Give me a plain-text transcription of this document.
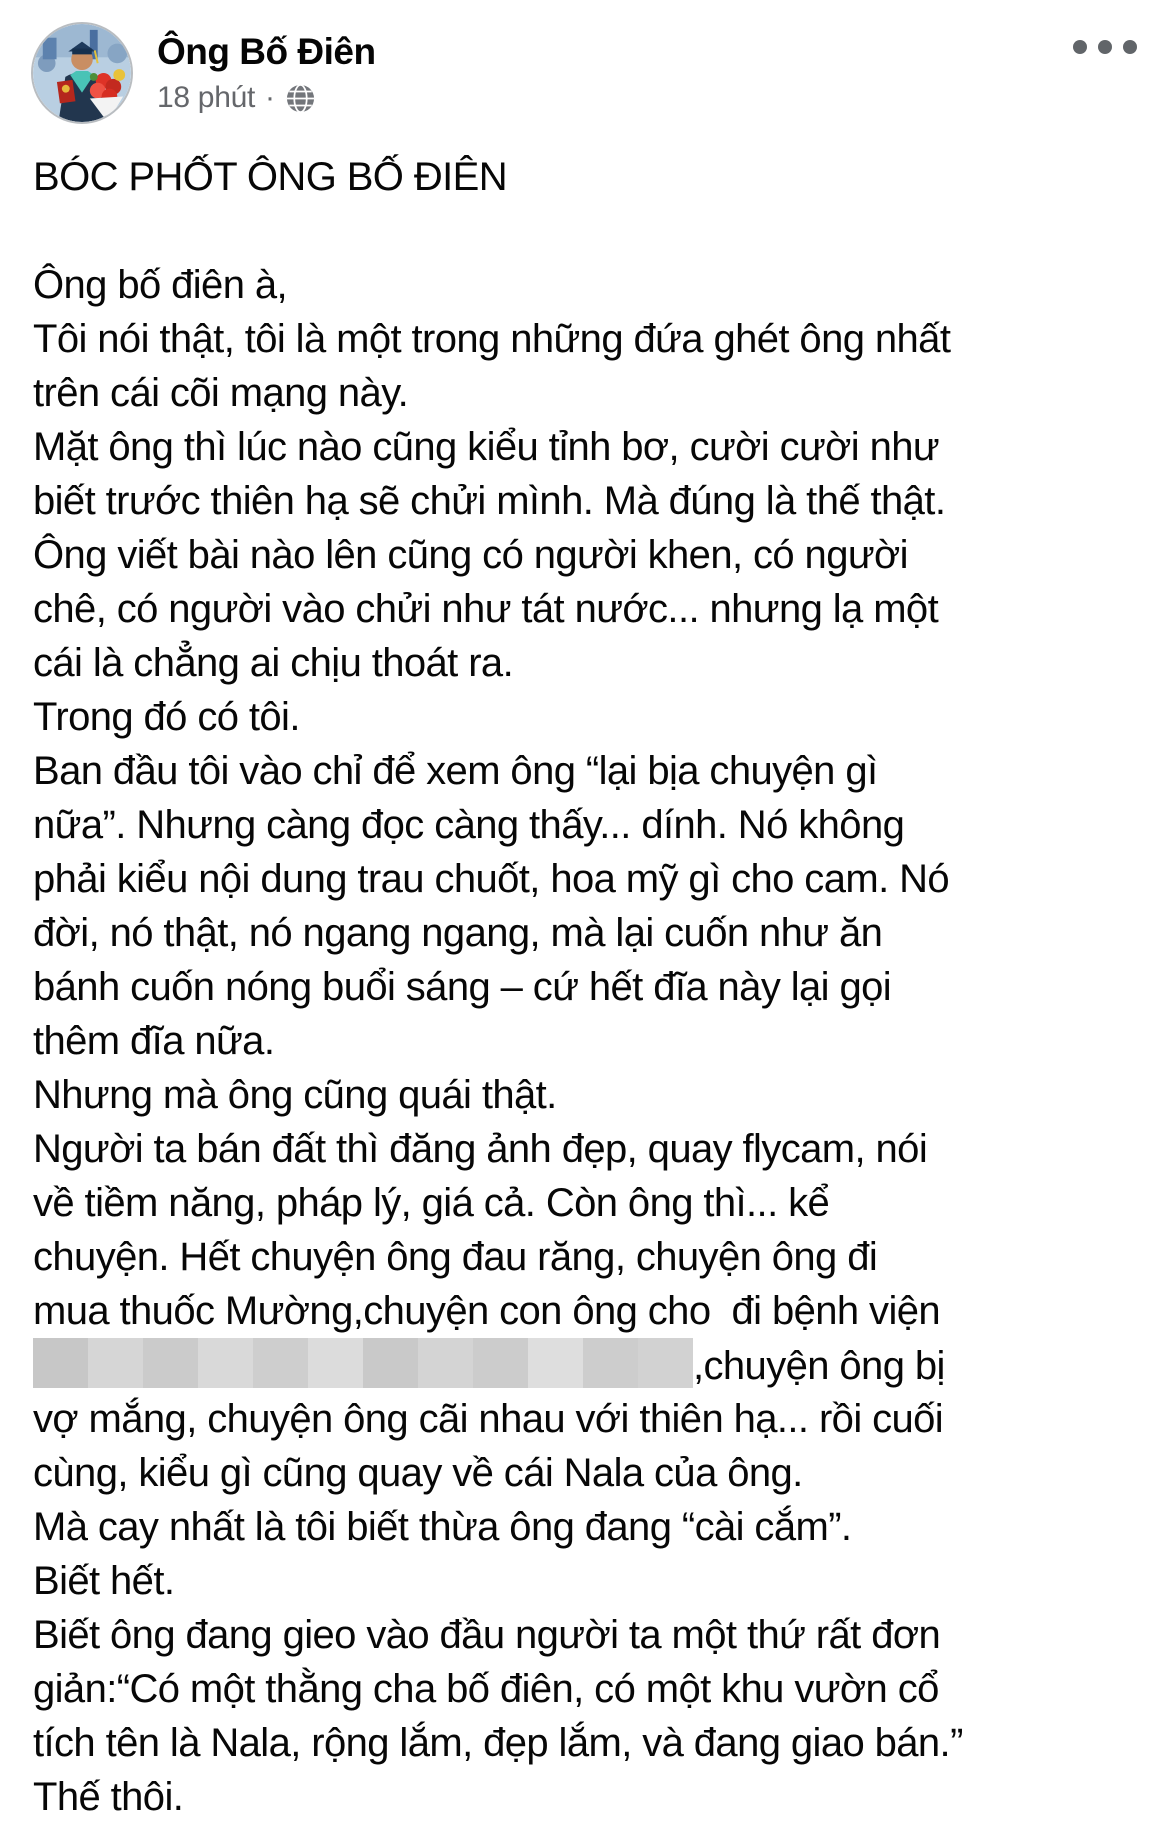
Ông Bố Điên
18 phút ·
BÓC PHỐT ÔNG BỐ ĐIÊN

Ông bố điên à,
Tôi nói thật, tôi là một trong những đứa ghét ông nhất
trên cái cõi mạng này.
Mặt ông thì lúc nào cũng kiểu tỉnh bơ, cười cười như
biết trước thiên hạ sẽ chửi mình. Mà đúng là thế thật.
Ông viết bài nào lên cũng có người khen, có người
chê, có người vào chửi như tát nước... nhưng lạ một
cái là chẳng ai chịu thoát ra.
Trong đó có tôi.
Ban đầu tôi vào chỉ để xem ông “lại bịa chuyện gì
nữa”. Nhưng càng đọc càng thấy... dính. Nó không
phải kiểu nội dung trau chuốt, hoa mỹ gì cho cam. Nó
đời, nó thật, nó ngang ngang, mà lại cuốn như ăn
bánh cuốn nóng buổi sáng – cứ hết đĩa này lại gọi
thêm đĩa nữa.
Nhưng mà ông cũng quái thật.
Người ta bán đất thì đăng ảnh đẹp, quay flycam, nói
về tiềm năng, pháp lý, giá cả. Còn ông thì... kể
chuyện. Hết chuyện ông đau răng, chuyện ông đi
mua thuốc Mường,chuyện con ông cho  đi bệnh viện
,chuyện ông bị
vợ mắng, chuyện ông cãi nhau với thiên hạ... rồi cuối
cùng, kiểu gì cũng quay về cái Nala của ông.
Mà cay nhất là tôi biết thừa ông đang “cài cắm”.
Biết hết.
Biết ông đang gieo vào đầu người ta một thứ rất đơn
giản:“Có một thằng cha bố điên, có một khu vườn cổ
tích tên là Nala, rộng lắm, đẹp lắm, và đang giao bán.”
Thế thôi.
